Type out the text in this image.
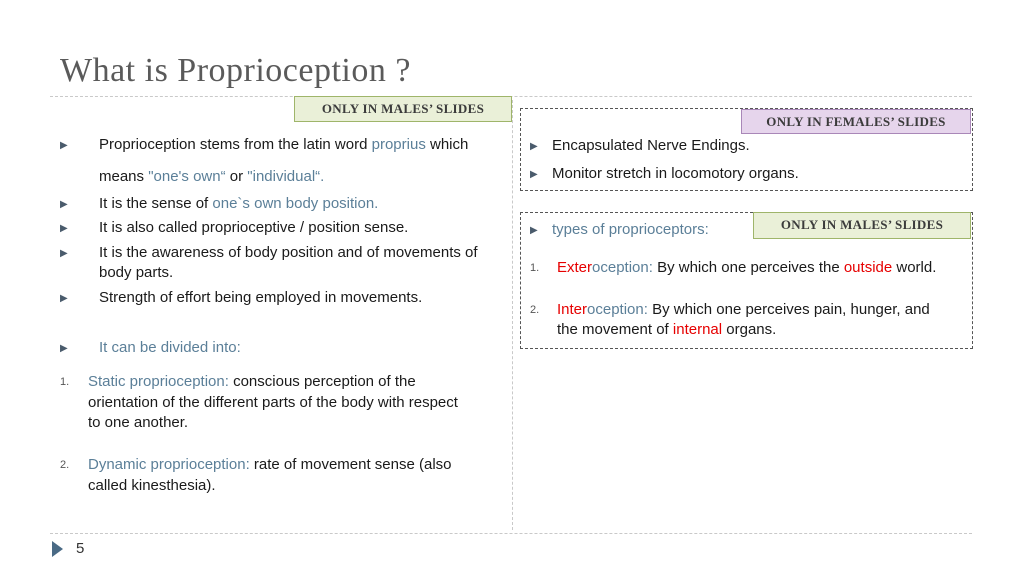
What is Proprioception ?
ONLY IN MALES’ SLIDES
▶ Proprioception stems from the latin word proprius which
means "one's own“ or "individual“.
▶ It is the sense of one`s own body position.
▶ It is also called proprioceptive / position sense.
▶ It is the awareness of body position and of movements of
body parts.
▶ Strength of effort being employed in movements.
▶ It can be divided into:
1. Static proprioception: conscious perception of the
orientation of the different parts of the body with respect
to one another.
2. Dynamic proprioception: rate of movement sense (also
called kinesthesia).
ONLY IN FEMALES’ SLIDES
▶ Encapsulated Nerve Endings.
▶ Monitor stretch in locomotory organs.
ONLY IN MALES’ SLIDES
▶ types of proprioceptors:
1. Exteroception: By which one perceives the outside world.
2. Interoception: By which one perceives pain, hunger, and
the movement of internal organs.
5
